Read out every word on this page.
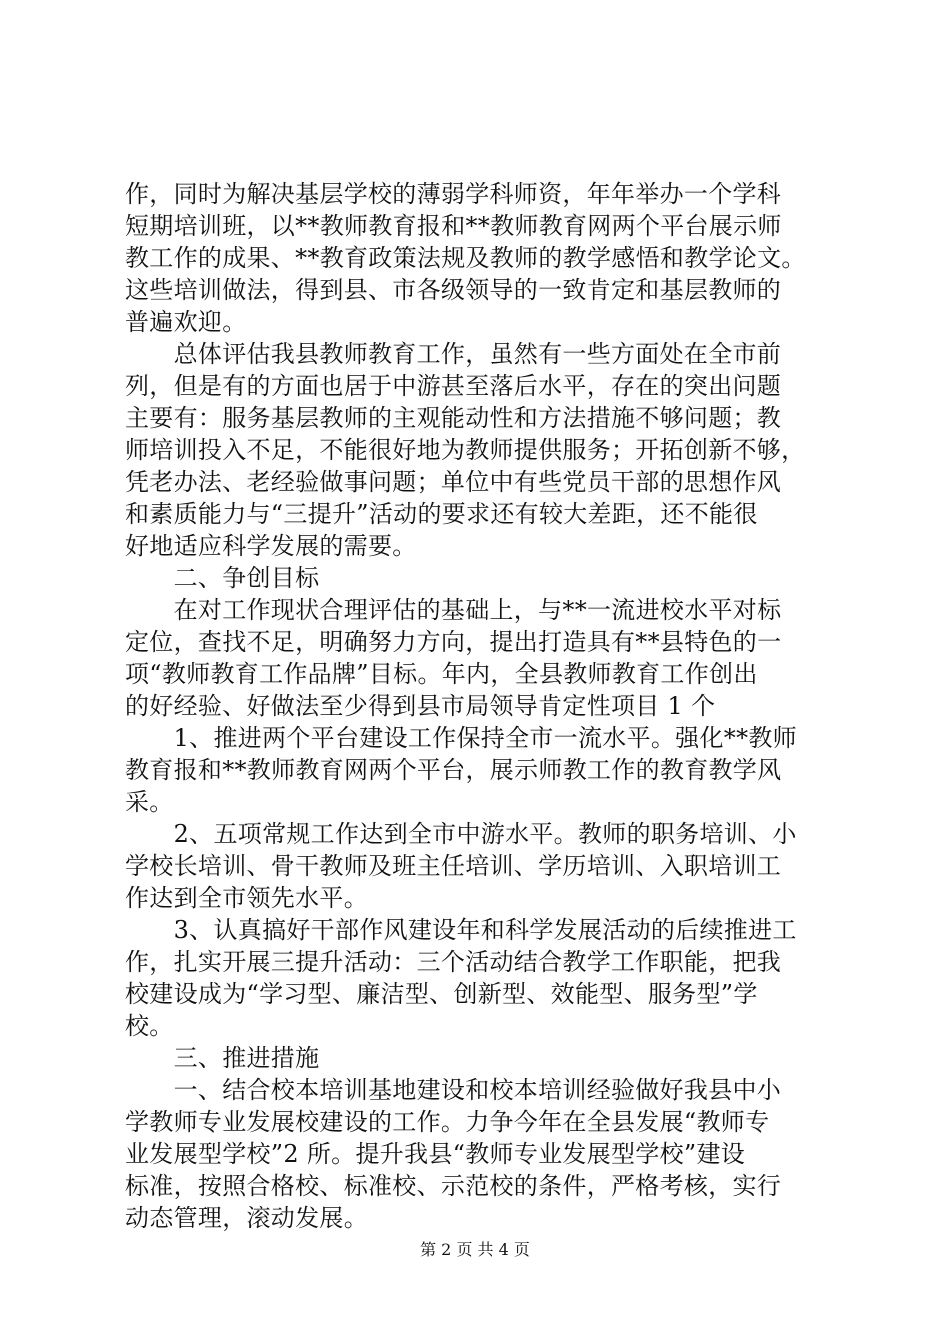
作，同时为解决基层学校的薄弱学科师资，年年举办一个学科
短期培训班，以**教师教育报和**教师教育网两个平台展示师
教工作的成果、**教育政策法规及教师的教学感悟和教学论文。
这些培训做法，得到县、市各级领导的一致肯定和基层教师的
普遍欢迎。
　　总体评估我县教师教育工作，虽然有一些方面处在全市前
列，但是有的方面也居于中游甚至落后水平，存在的突出问题
主要有：服务基层教师的主观能动性和方法措施不够问题；教
师培训投入不足，不能很好地为教师提供服务；开拓创新不够，
凭老办法、老经验做事问题；单位中有些党员干部的思想作风
和素质能力与“三提升”活动的要求还有较大差距，还不能很
好地适应科学发展的需要。
　　二、争创目标
　　在对工作现状合理评估的基础上，与**一流进校水平对标
定位，查找不足，明确努力方向，提出打造具有**县特色的一
项“教师教育工作品牌”目标。年内，全县教师教育工作创出
的好经验、好做法至少得到县市局领导肯定性项目 1 个
　　1、推进两个平台建设工作保持全市一流水平。强化**教师
教育报和**教师教育网两个平台，展示师教工作的教育教学风
采。
　　2、五项常规工作达到全市中游水平。教师的职务培训、小
学校长培训、骨干教师及班主任培训、学历培训、入职培训工
作达到全市领先水平。
　　3、认真搞好干部作风建设年和科学发展活动的后续推进工
作，扎实开展三提升活动：三个活动结合教学工作职能，把我
校建设成为“学习型、廉洁型、创新型、效能型、服务型”学
校。
　　三、推进措施
　　一、结合校本培训基地建设和校本培训经验做好我县中小
学教师专业发展校建设的工作。力争今年在全县发展“教师专
业发展型学校”2 所。提升我县“教师专业发展型学校”建设
标准，按照合格校、标准校、示范校的条件，严格考核，实行
动态管理，滚动发展。
第 2 页 共 4 页
